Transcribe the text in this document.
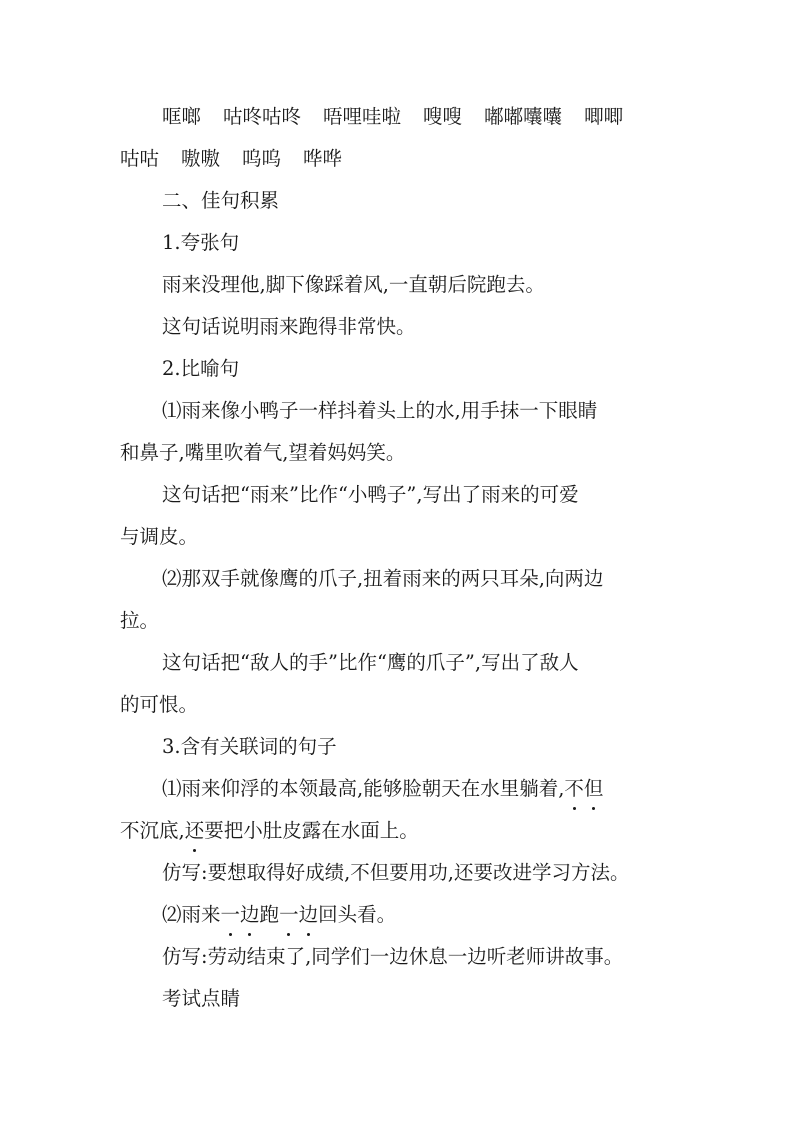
哐啷 咕咚咕咚 唔哩哇啦 嗖嗖 嘟嘟囔囔 唧唧
咕咕 嗷嗷 呜呜 哗哗
二、佳句积累
1.夸张句
雨来没理他,脚下像踩着风,一直朝后院跑去。
这句话说明雨来跑得非常快。
2.比喻句
⑴雨来像小鸭子一样抖着头上的水,用手抹一下眼睛
和鼻子,嘴里吹着气,望着妈妈笑。
这句话把“雨来”比作“小鸭子”,写出了雨来的可爱
与调皮。
⑵那双手就像鹰的爪子,扭着雨来的两只耳朵,向两边
拉。
这句话把“敌人的手”比作“鹰的爪子”,写出了敌人
的可恨。
3.含有关联词的句子
⑴雨来仰浮的本领最高,能够脸朝天在水里躺着,不但
不沉底,还要把小肚皮露在水面上。
仿写:要想取得好成绩,不但要用功,还要改进学习方法。
⑵雨来一边跑一边回头看。
仿写:劳动结束了,同学们一边休息一边听老师讲故事。
考试点睛
